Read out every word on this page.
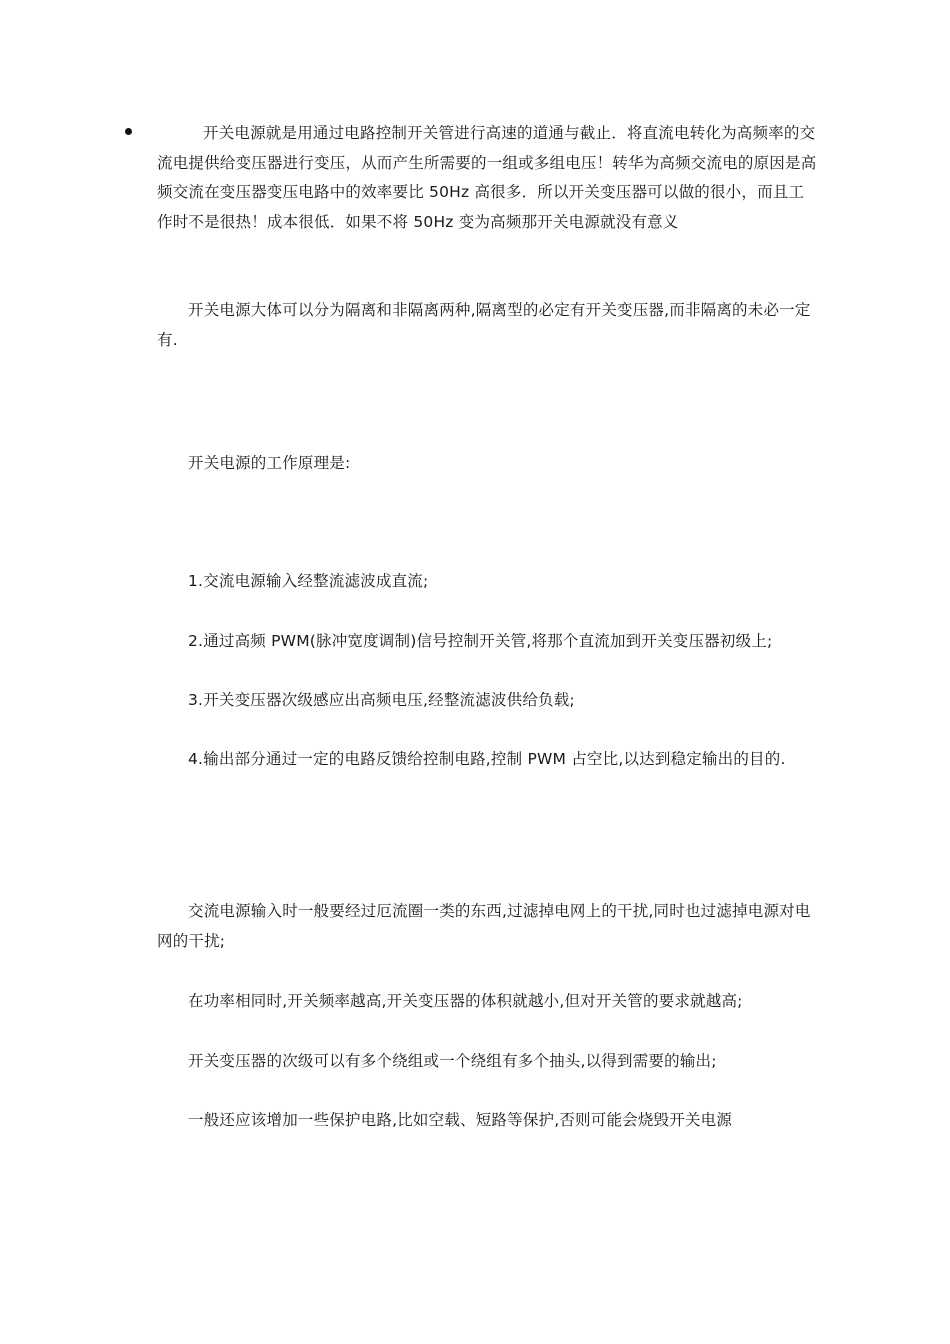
开关电源就是用通过电路控制开关管进行高速的道通与截止．将直流电转化为高频率的交流电提供给变压器进行变压，从而产生所需要的一组或多组电压！转华为高频交流电的原因是高频交流在变压器变压电路中的效率要比 50Hz 高很多．所以开关变压器可以做的很小，而且工作时不是很热！成本很低．如果不将 50Hz 变为高频那开关电源就没有意义

开关电源大体可以分为隔离和非隔离两种,隔离型的必定有开关变压器,而非隔离的未必一定有.

开关电源的工作原理是:

1.交流电源输入经整流滤波成直流;

2.通过高频 PWM(脉冲宽度调制)信号控制开关管,将那个直流加到开关变压器初级上;

3.开关变压器次级感应出高频电压,经整流滤波供给负载;

4.输出部分通过一定的电路反馈给控制电路,控制 PWM 占空比,以达到稳定输出的目的.

交流电源输入时一般要经过厄流圈一类的东西,过滤掉电网上的干扰,同时也过滤掉电源对电网的干扰;

在功率相同时,开关频率越高,开关变压器的体积就越小,但对开关管的要求就越高;

开关变压器的次级可以有多个绕组或一个绕组有多个抽头,以得到需要的输出;

一般还应该增加一些保护电路,比如空载、短路等保护,否则可能会烧毁开关电源
